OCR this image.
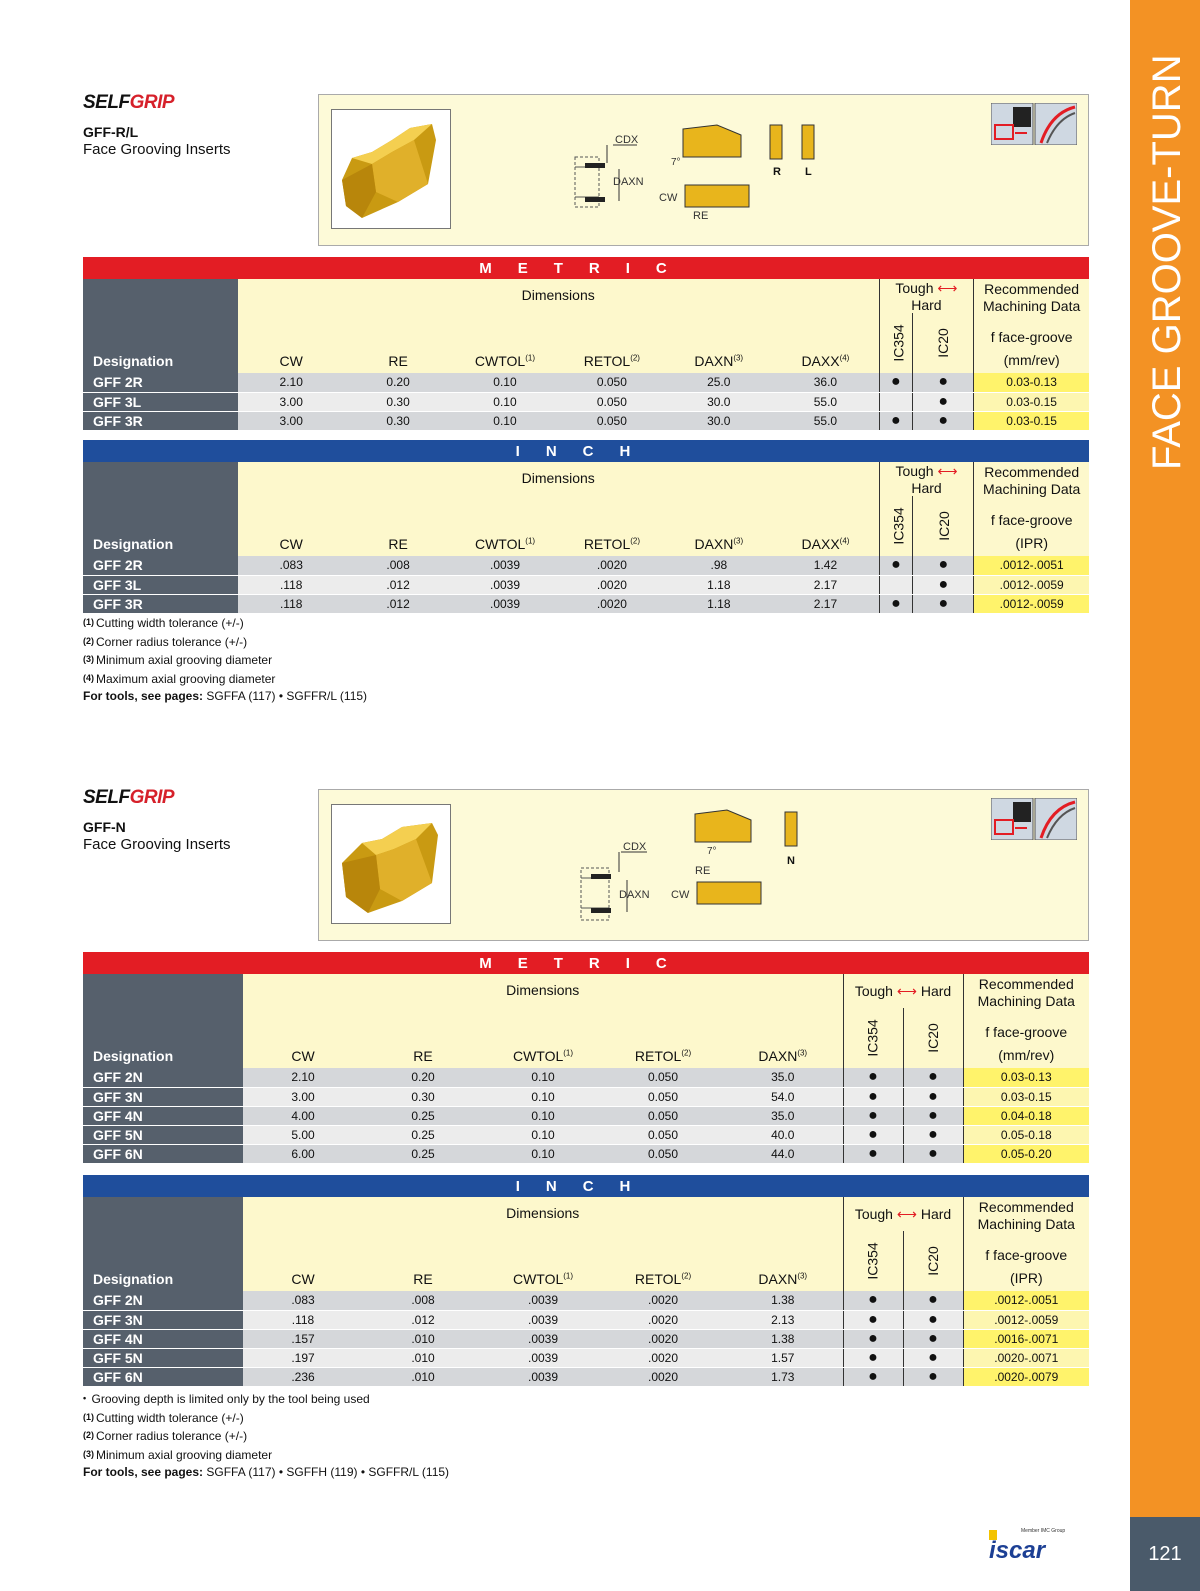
FACE GROOVE-TURN
121
SELFGRIP
GFF-R/L
Face Grooving Inserts
CDX
DAXN
7°
CW
RE
R L
METRIC									
Designation	Dimensions						Tough ⟷ Hard		Recommended
Machining Data
f face-groove
(mm/rev)

	CW	RE	CWTOL$^{(1)}$	RETOL$^{(2)}$	DAXN$^{(3)}$	DAXX$^{(4)}$	IC354	IC20	
GFF 2R	2.10	0.20	0.10	0.050	25.0	36.0	●	●	0.03-0.13
GFF 3L	3.00	0.30	0.10	0.050	30.0	55.0		●	0.03-0.15
GFF 3R	3.00	0.30	0.10	0.050	30.0	55.0	●	●	0.03-0.15
INCH									
Designation	Dimensions						Tough ⟷ Hard		Recommended
Machining Data
f face-groove
(IPR)

	CW	RE	CWTOL$^{(1)}$	RETOL$^{(2)}$	DAXN$^{(3)}$	DAXX$^{(4)}$	IC354	IC20	
GFF 2R	.083	.008	.0039	.0020	.98	1.42	●	●	.0012-.0051
GFF 3L	.118	.012	.0039	.0020	1.18	2.17		●	.0012-.0059
GFF 3R	.118	.012	.0039	.0020	1.18	2.17	●	●	.0012-.0059
$^{(1)}$ Cutting width tolerance (+/-)
$^{(2)}$ Corner radius tolerance (+/-)
$^{(3)}$ Minimum axial grooving diameter
$^{(4)}$ Maximum axial grooving diameter
For tools, see pages: SGFFA (117) • SGFFR/L (115)
SELFGRIP
GFF-N
Face Grooving Inserts	CDX
DAXN
7°
RE
CW
N
METRIC								
Designation	Dimensions					Tough ⟷ Hard		Recommended
Machining Data
f face-groove
(mm/rev)

	CW	RE	CWTOL$^{(1)}$	RETOL$^{(2)}$	DAXN$^{(3)}$	IC354	IC20	
GFF 2N	2.10	0.20	0.10	0.050	35.0	●	●	0.03-0.13
GFF 3N	3.00	0.30	0.10	0.050	54.0	●	●	0.03-0.15
GFF 4N	4.00	0.25	0.10	0.050	35.0	●	●	0.04-0.18
GFF 5N	5.00	0.25	0.10	0.050	40.0	●	●	0.05-0.18
GFF 6N	6.00	0.25	0.10	0.050	44.0	●	●	0.05-0.20
INCH								
Designation	Dimensions					Tough ⟷ Hard		Recommended
Machining Data
f face-groove
(IPR)

	CW	RE	CWTOL$^{(1)}$	RETOL$^{(2)}$	DAXN$^{(3)}$	IC354	IC20	
GFF 2N	.083	.008	.0039	.0020	1.38	●	●	.0012-.0051
GFF 3N	.118	.012	.0039	.0020	2.13	●	●	.0012-.0059
GFF 4N	.157	.010	.0039	.0020	1.38	●	●	.0016-.0071
GFF 5N	.197	.010	.0039	.0020	1.57	●	●	.0020-.0071
GFF 6N	.236	.010	.0039	.0020	1.73	●	●	.0020-.0079
• Grooving depth is limited only by the tool being used
$^{(1)}$ Cutting width tolerance (+/-)
$^{(2)}$ Corner radius tolerance (+/-)
$^{(3)}$ Minimum axial grooving diameter
For tools, see pages: SGFFA (117) • SGFFH (119) • SGFFR/L (115)
Member IMC Group
iscar
